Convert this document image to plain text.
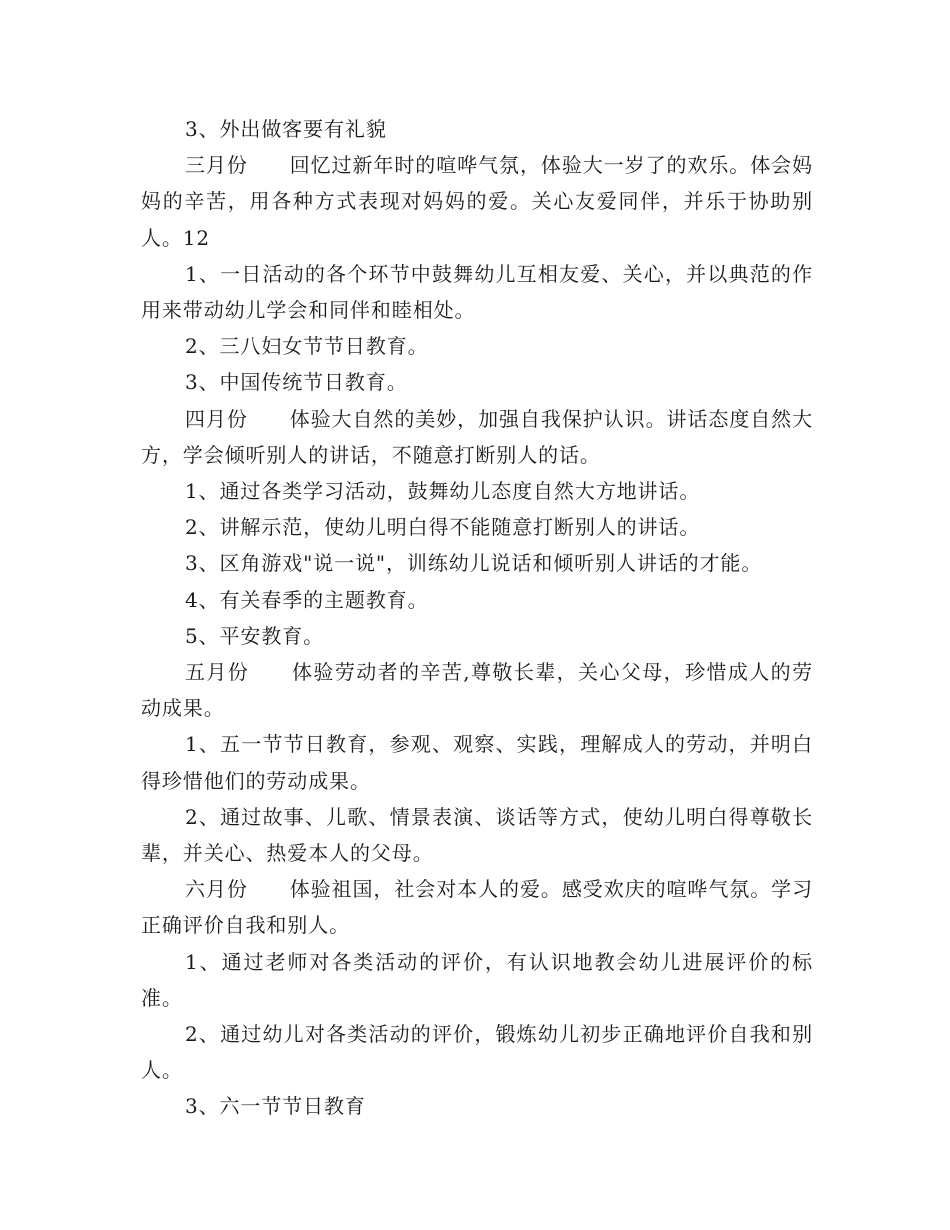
3、外出做客要有礼貌

三月份　　 回忆过新年时的喧哗气氛，体验大一岁了的欢乐。体会妈妈的辛苦，用各种方式表现对妈妈的爱。关心友爱同伴，并乐于协助别人。12

1、一日活动的各个环节中鼓舞幼儿互相友爱、关心，并以典范的作用来带动幼儿学会和同伴和睦相处。

2、三八妇女节节日教育。

3、中国传统节日教育。

四月份　　 体验大自然的美妙，加强自我保护认识。讲话态度自然大方，学会倾听别人的讲话，不随意打断别人的话。

1、通过各类学习活动，鼓舞幼儿态度自然大方地讲话。

2、讲解示范，使幼儿明白得不能随意打断别人的讲话。

3、区角游戏"说一说"，训练幼儿说话和倾听别人讲话的才能。

4、有关春季的主题教育。

5、平安教育。

五月份　　 体验劳动者的辛苦,尊敬长辈，关心父母，珍惜成人的劳动成果。

1、五一节节日教育，参观、观察、实践，理解成人的劳动，并明白得珍惜他们的劳动成果。

2、通过故事、儿歌、情景表演、谈话等方式，使幼儿明白得尊敬长辈，并关心、热爱本人的父母。

六月份　　 体验祖国，社会对本人的爱。感受欢庆的喧哗气氛。学习正确评价自我和别人。

1、通过老师对各类活动的评价，有认识地教会幼儿进展评价的标准。

2、通过幼儿对各类活动的评价，锻炼幼儿初步正确地评价自我和别人。

3、六一节节日教育
